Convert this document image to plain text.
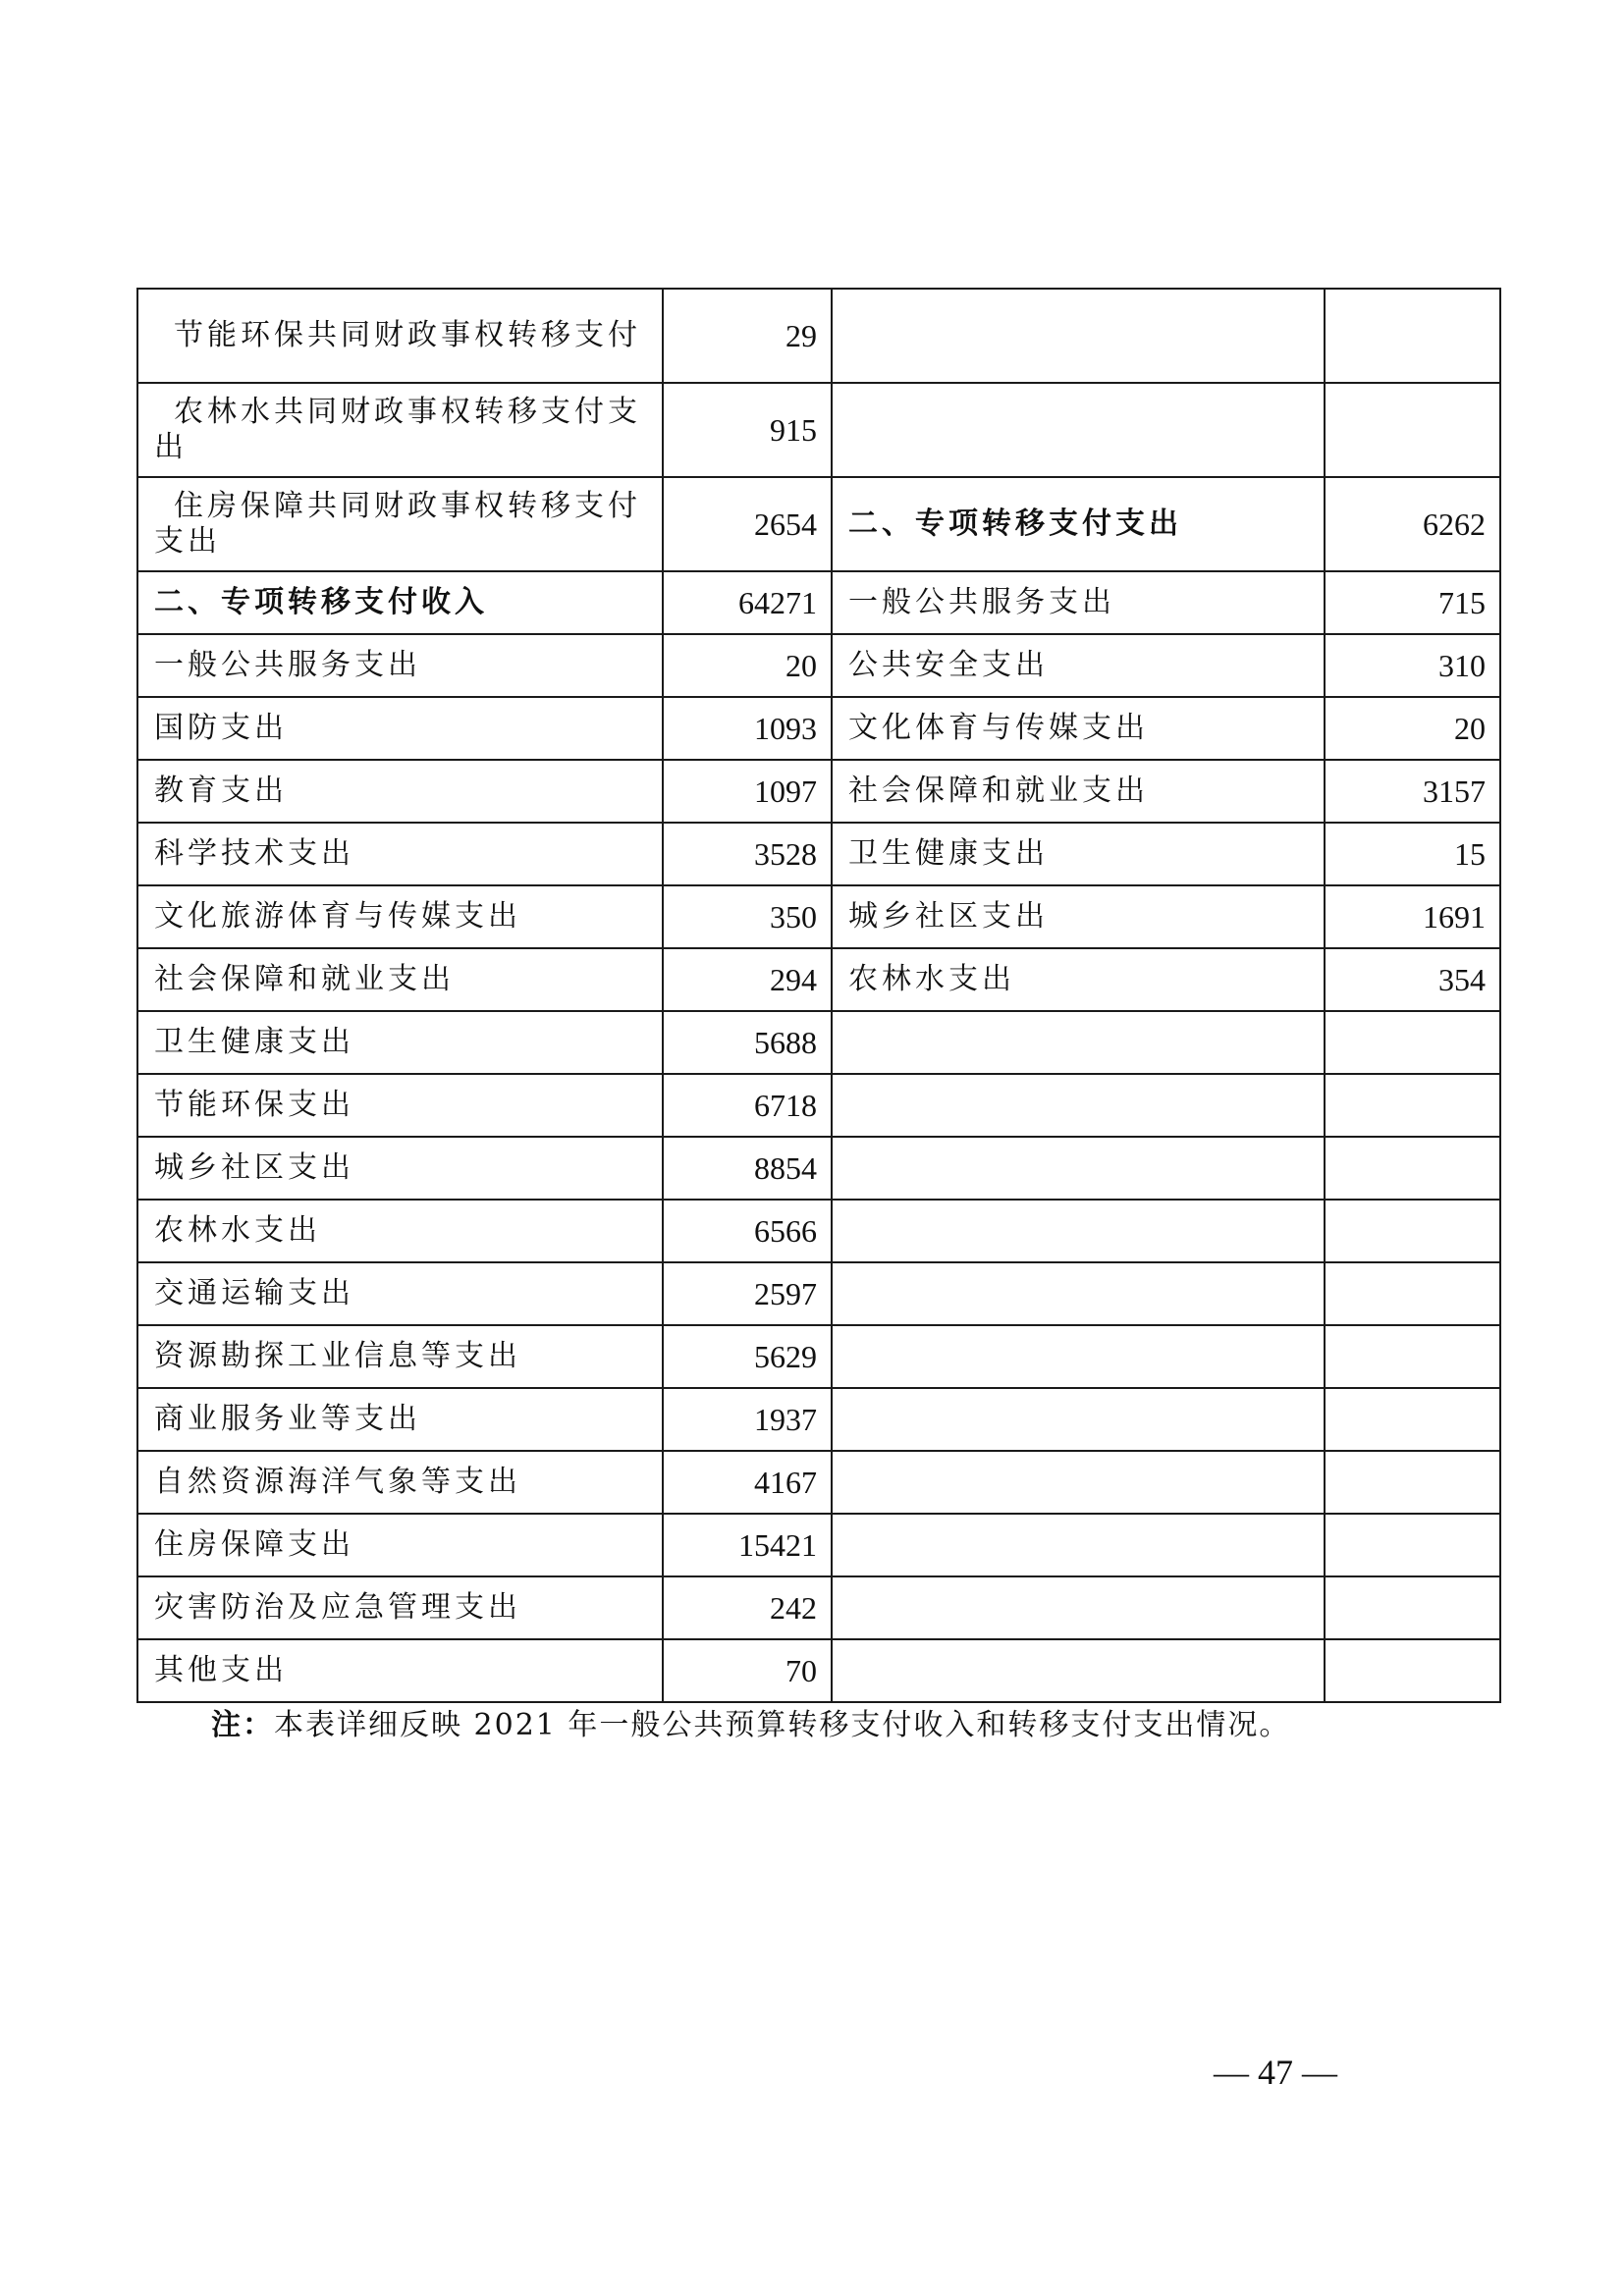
节能环保共同财政事权转移支付	29		
农林水共同财政事权转移支付支出	915		
住房保障共同财政事权转移支付支出	2654	二、专项转移支付支出	6262
二、专项转移支付收入	64271	一般公共服务支出	715
一般公共服务支出	20	公共安全支出	310
国防支出	1093	文化体育与传媒支出	20
教育支出	1097	社会保障和就业支出	3157
科学技术支出	3528	卫生健康支出	15
文化旅游体育与传媒支出	350	城乡社区支出	1691
社会保障和就业支出	294	农林水支出	354
卫生健康支出	5688		
节能环保支出	6718		
城乡社区支出	8854		
农林水支出	6566		
交通运输支出	2597		
资源勘探工业信息等支出	5629		
商业服务业等支出	1937		
自然资源海洋气象等支出	4167		
住房保障支出	15421		
灾害防治及应急管理支出	242		
其他支出	70		
注：本表详细反映 2021 年一般公共预算转移支付收入和转移支付支出情况。
— 47 —
